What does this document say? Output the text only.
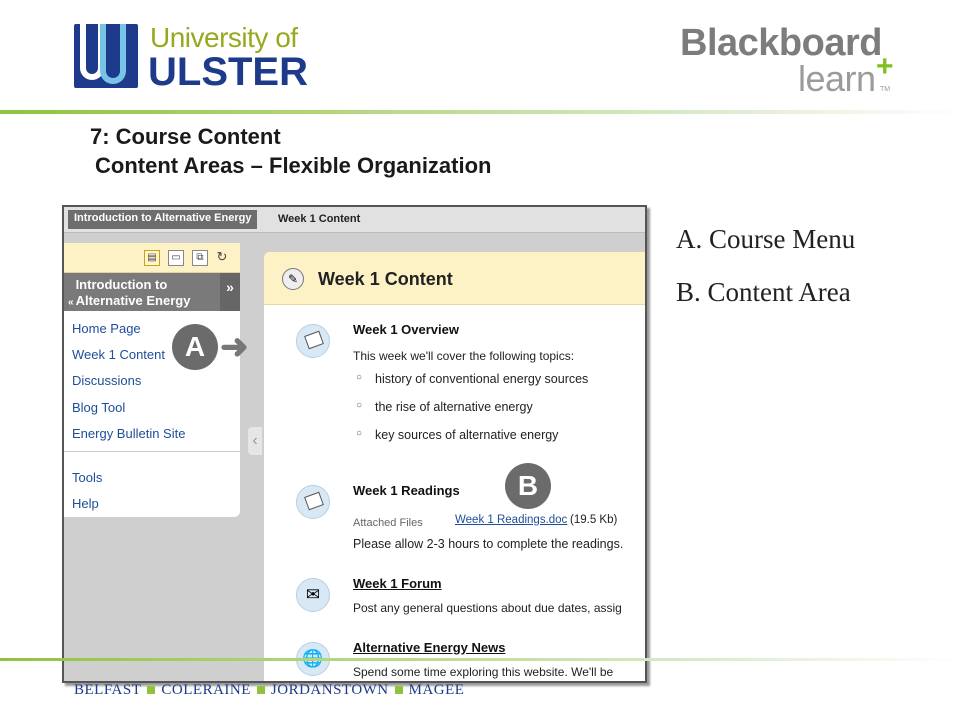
University of
ULSTER
Blackboard
learn +
TM
7: Course Content
Content Areas – Flexible Organization
Introduction to Alternative Energy	Week 1 Content
▤	▭	⧉ ↻
«Introduction to Alternative Energy
»
Home Page
Week 1 Content
Discussions
Blog Tool
Energy Bulletin Site
Tools
Help
‹
✎	Week 1 Content
Week 1 Overview
This week we'll cover the following topics:
○ history of conventional energy sources
○ the rise of alternative energy
○ key sources of alternative energy
Week 1 Readings
Attached Files	Week 1 Readings.doc (19.5 Kb)
Please allow 2-3 hours to complete the readings.
✉
Week 1 Forum
Post any general questions about due dates, assig
Alternative Energy News
Spend some time exploring this website. We'll be
A ➜
B
A. Course Menu
B. Content Area
BELFAST COLERAINE JORDANSTOWN MAGEE
